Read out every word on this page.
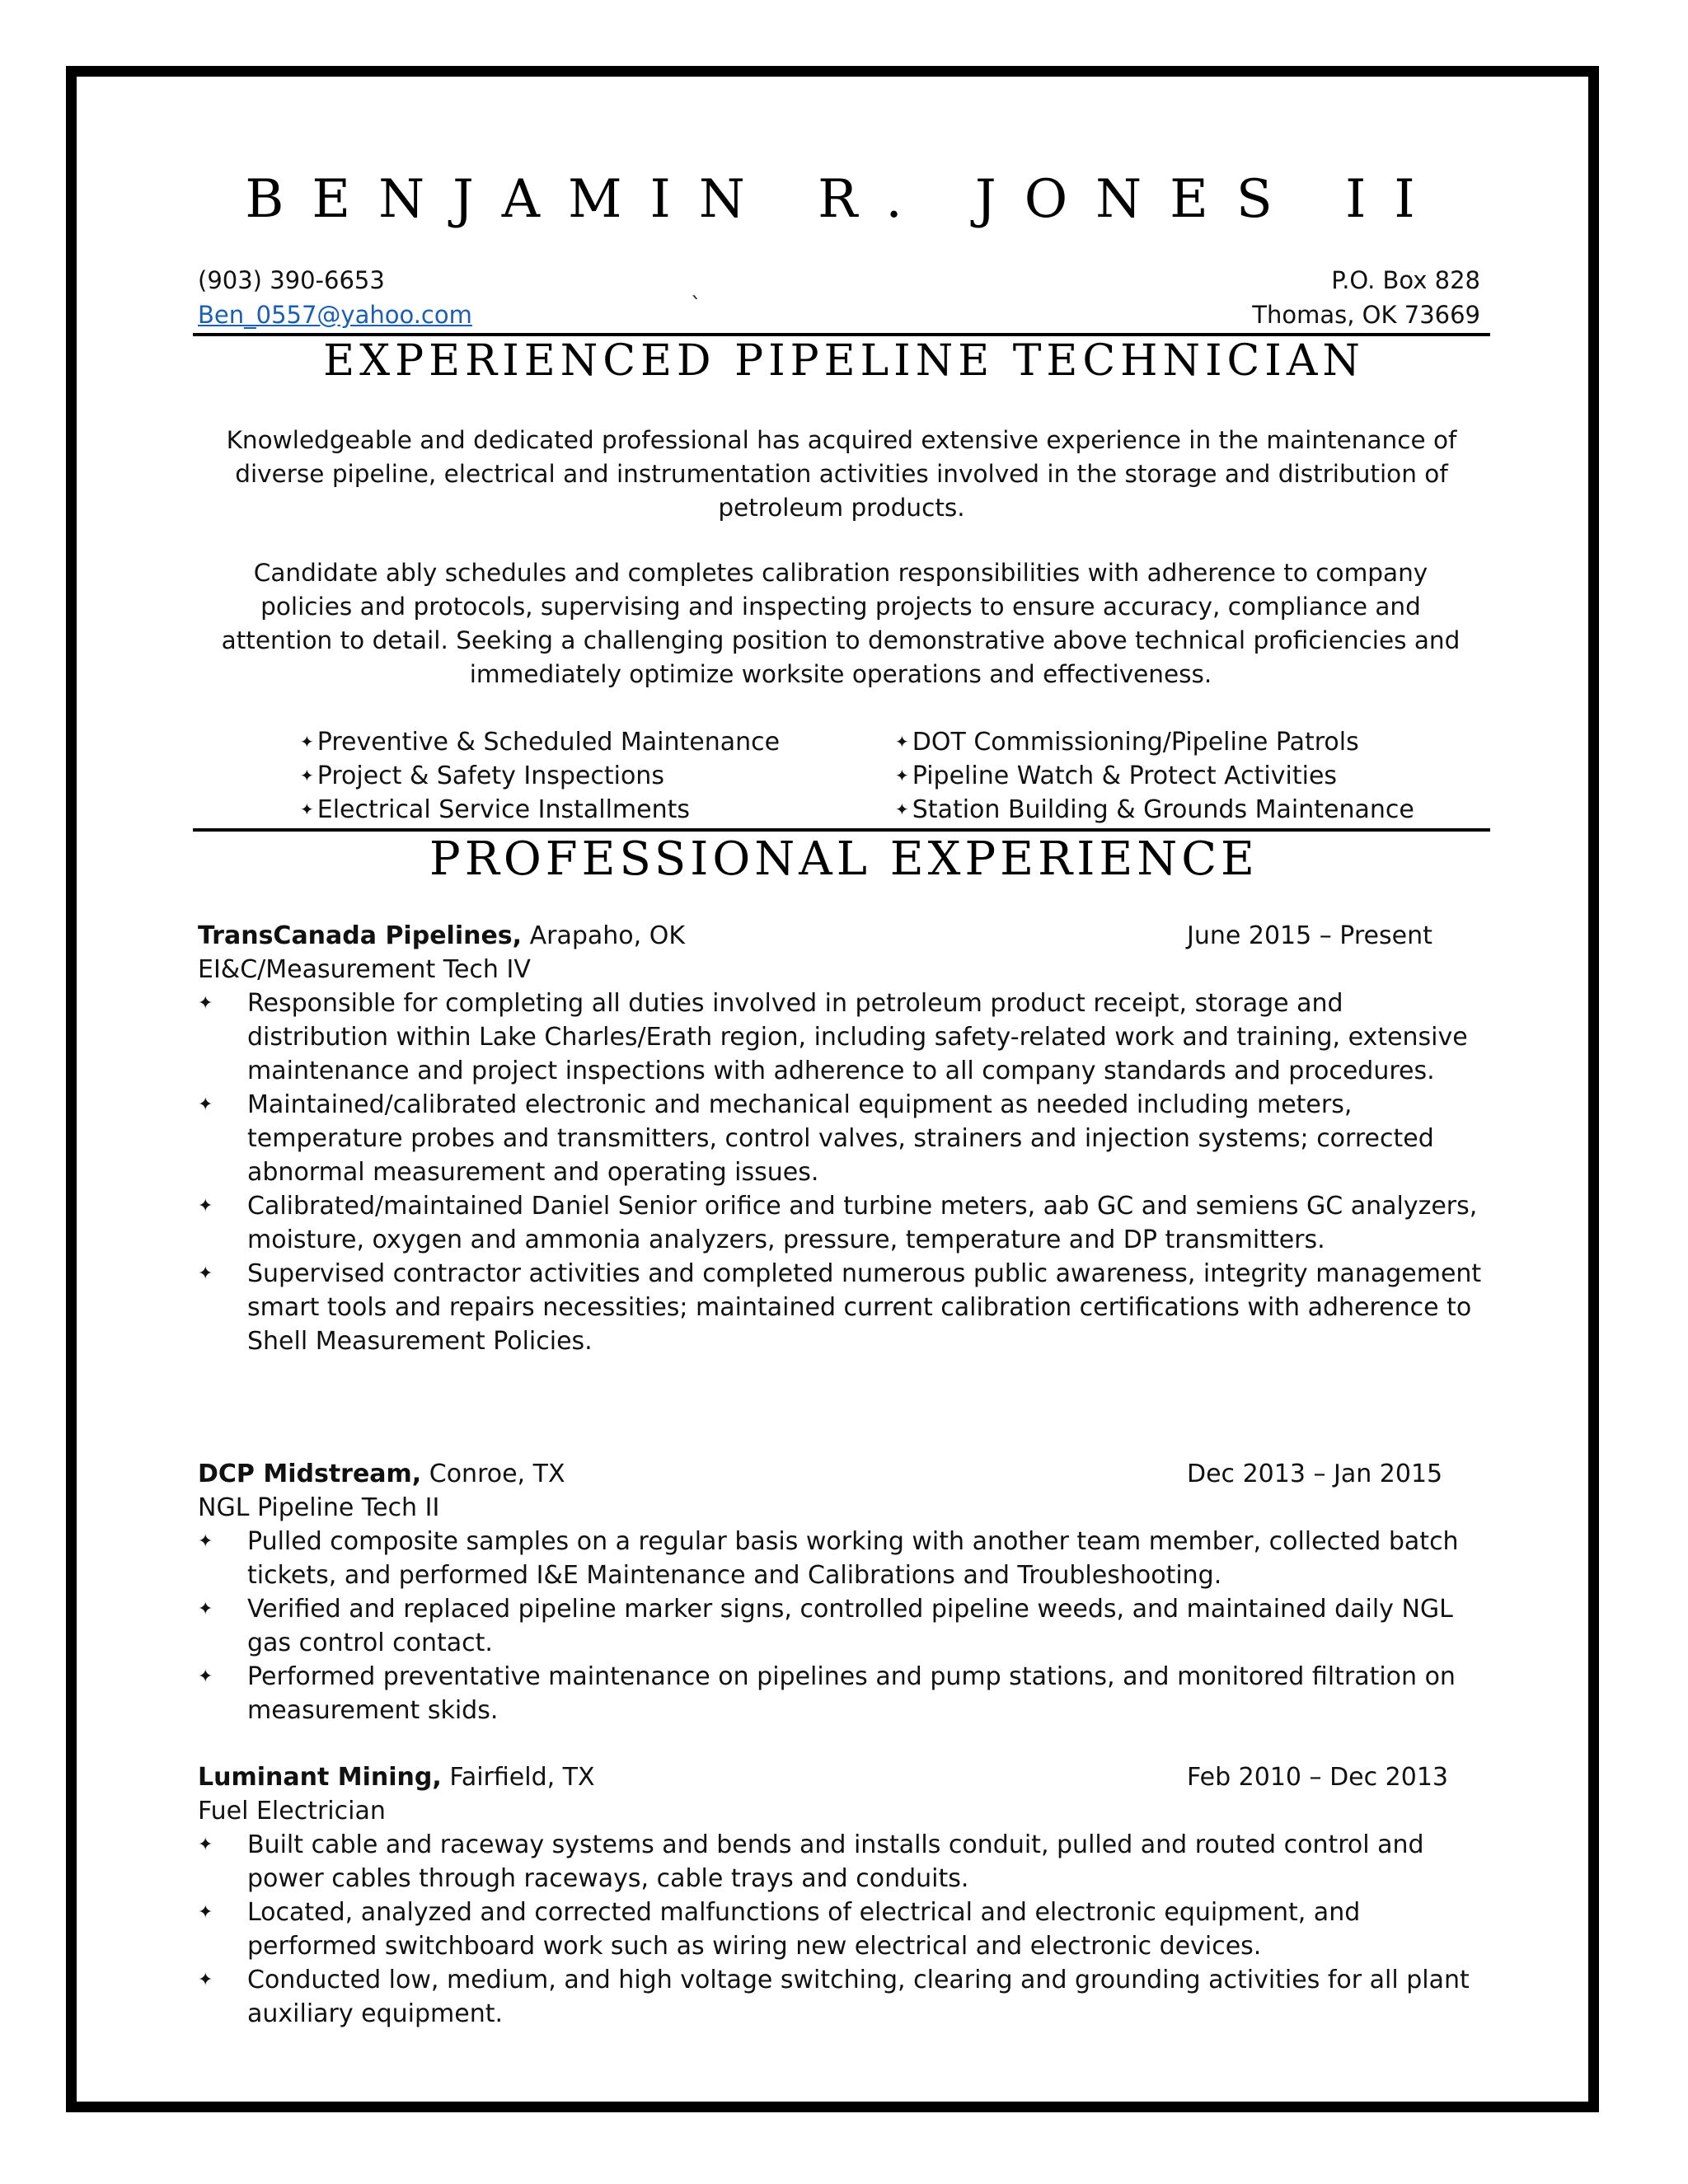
BENJAMIN R. JONES II
(903) 390-6653
Ben_0557@yahoo.com	`
P.O. Box 828
Thomas, OK 73669
EXPERIENCED PIPELINE TECHNICIAN

Knowledgeable and dedicated professional has acquired extensive experience in the maintenance of diverse pipeline, electrical and instrumentation activities involved in the storage and distribution of petroleum products.

Candidate ably schedules and completes calibration responsibilities with adherence to company policies and protocols, supervising and inspecting projects to ensure accuracy, compliance and attention to detail. Seeking a challenging position to demonstrative above technical proficiencies and immediately optimize worksite operations and effectiveness.

✦ Preventive & Scheduled Maintenance
✦ Project & Safety Inspections
✦ Electrical Service Installments
✦ DOT Commissioning/Pipeline Patrols
✦ Pipeline Watch & Protect Activities
✦ Station Building & Grounds Maintenance
PROFESSIONAL EXPERIENCE
TransCanada Pipelines, Arapaho, OK	June 2015 – Present
EI&C/Measurement Tech IV
✦ Responsible for completing all duties involved in petroleum product receipt, storage and distribution within Lake Charles/Erath region, including safety-related work and training, extensive maintenance and project inspections with adherence to all company standards and procedures.
✦ Maintained/calibrated electronic and mechanical equipment as needed including meters, temperature probes and transmitters, control valves, strainers and injection systems; corrected abnormal measurement and operating issues.
✦ Calibrated/maintained Daniel Senior orifice and turbine meters, aab GC and semiens GC analyzers, moisture, oxygen and ammonia analyzers, pressure, temperature and DP transmitters.
✦ Supervised contractor activities and completed numerous public awareness, integrity management smart tools and repairs necessities; maintained current calibration certifications with adherence to Shell Measurement Policies.
DCP Midstream, Conroe, TX	Dec 2013 – Jan 2015
NGL Pipeline Tech II
✦ Pulled composite samples on a regular basis working with another team member, collected batch tickets, and performed I&E Maintenance and Calibrations and Troubleshooting.
✦ Verified and replaced pipeline marker signs, controlled pipeline weeds, and maintained daily NGL gas control contact.
✦ Performed preventative maintenance on pipelines and pump stations, and monitored filtration on measurement skids.
Luminant Mining, Fairfield, TX	Feb 2010 – Dec 2013
Fuel Electrician
✦ Built cable and raceway systems and bends and installs conduit, pulled and routed control and power cables through raceways, cable trays and conduits.
✦ Located, analyzed and corrected malfunctions of electrical and electronic equipment, and performed switchboard work such as wiring new electrical and electronic devices.
✦ Conducted low, medium, and high voltage switching, clearing and grounding activities for all plant auxiliary equipment.
